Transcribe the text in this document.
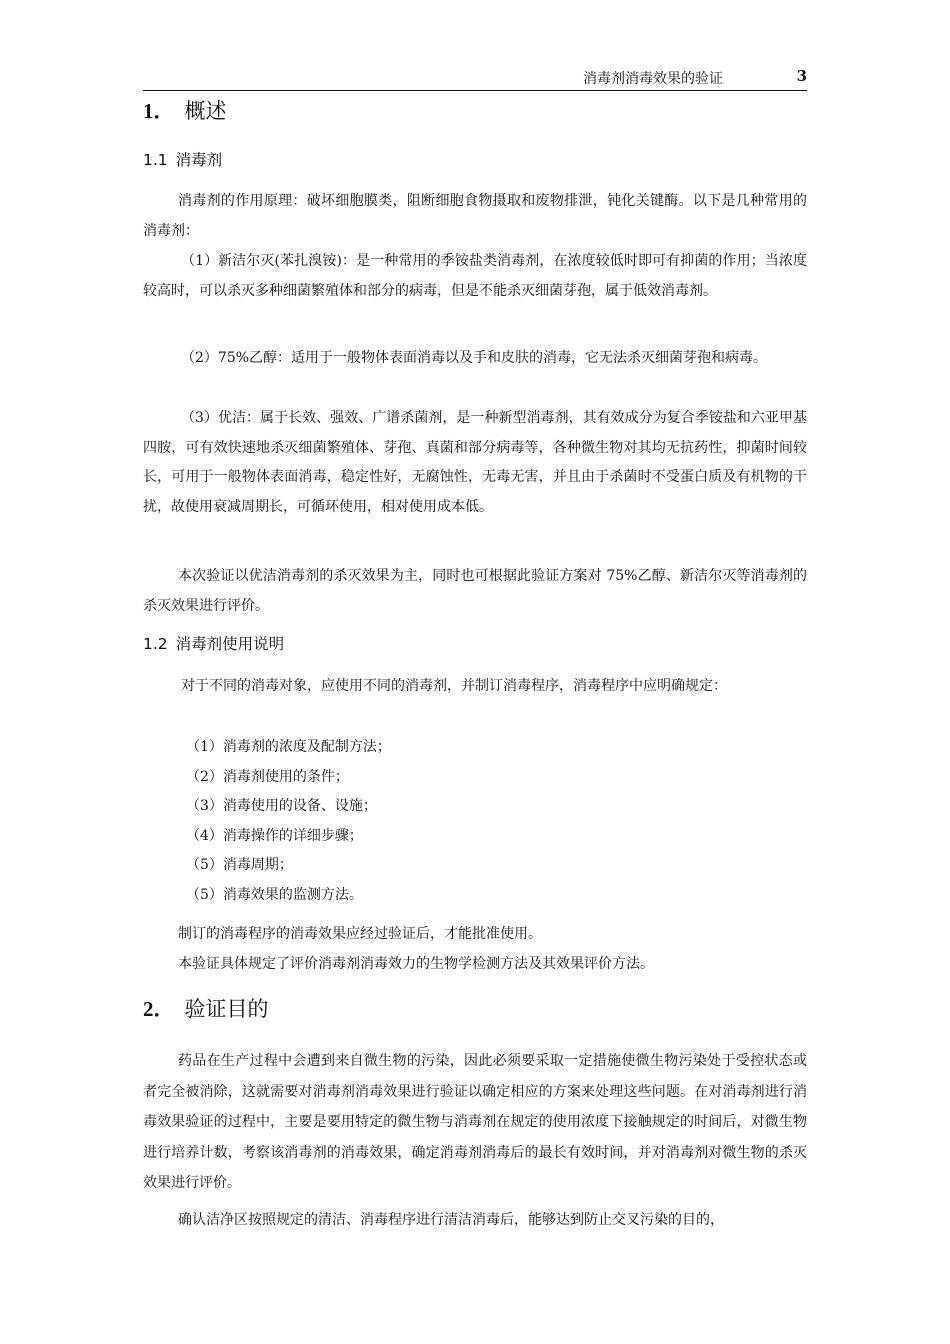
消毒剂消毒效果的验证	3
1． 概述
1.1 消毒剂
消毒剂的作用原理：破坏细胞膜类，阻断细胞食物摄取和废物排泄，钝化关键酶。以下是几种常用的消毒剂：
（1）新洁尔灭(苯扎溴铵)：是一种常用的季铵盐类消毒剂，在浓度较低时即可有抑菌的作用；当浓度较高时，可以杀灭多种细菌繁殖体和部分的病毒，但是不能杀灭细菌芽孢，属于低效消毒剂。
（2）75%乙醇：适用于一般物体表面消毒以及手和皮肤的消毒，它无法杀灭细菌芽孢和病毒。
（3）优洁：属于长效、强效、广谱杀菌剂，是一种新型消毒剂，其有效成分为复合季铵盐和六亚甲基四胺，可有效快速地杀灭细菌繁殖体、芽孢、真菌和部分病毒等，各种微生物对其均无抗药性，抑菌时间较长，可用于一般物体表面消毒，稳定性好，无腐蚀性，无毒无害，并且由于杀菌时不受蛋白质及有机物的干扰，故使用衰减周期长，可循环使用，相对使用成本低。
本次验证以优洁消毒剂的杀灭效果为主，同时也可根据此验证方案对 75%乙醇、新洁尔灭等消毒剂的杀灭效果进行评价。
1.2 消毒剂使用说明
对于不同的消毒对象，应使用不同的消毒剂，并制订消毒程序，消毒程序中应明确规定：
（1）消毒剂的浓度及配制方法；
（2）消毒剂使用的条件；
（3）消毒使用的设备、设施；
（4）消毒操作的详细步骤；
（5）消毒周期；
（5）消毒效果的监测方法。
制订的消毒程序的消毒效果应经过验证后，才能批准使用。
本验证具体规定了评价消毒剂消毒效力的生物学检测方法及其效果评价方法。
2． 验证目的
药品在生产过程中会遭到来自微生物的污染，因此必须要采取一定措施使微生物污染处于受控状态或者完全被消除，这就需要对消毒剂消毒效果进行验证以确定相应的方案来处理这些问题。在对消毒剂进行消毒效果验证的过程中，主要是要用特定的微生物与消毒剂在规定的使用浓度下接触规定的时间后，对微生物进行培养计数，考察该消毒剂的消毒效果，确定消毒剂消毒后的最长有效时间，并对消毒剂对微生物的杀灭效果进行评价。
确认洁净区按照规定的清洁、消毒程序进行清洁消毒后，能够达到防止交叉污染的目的，
